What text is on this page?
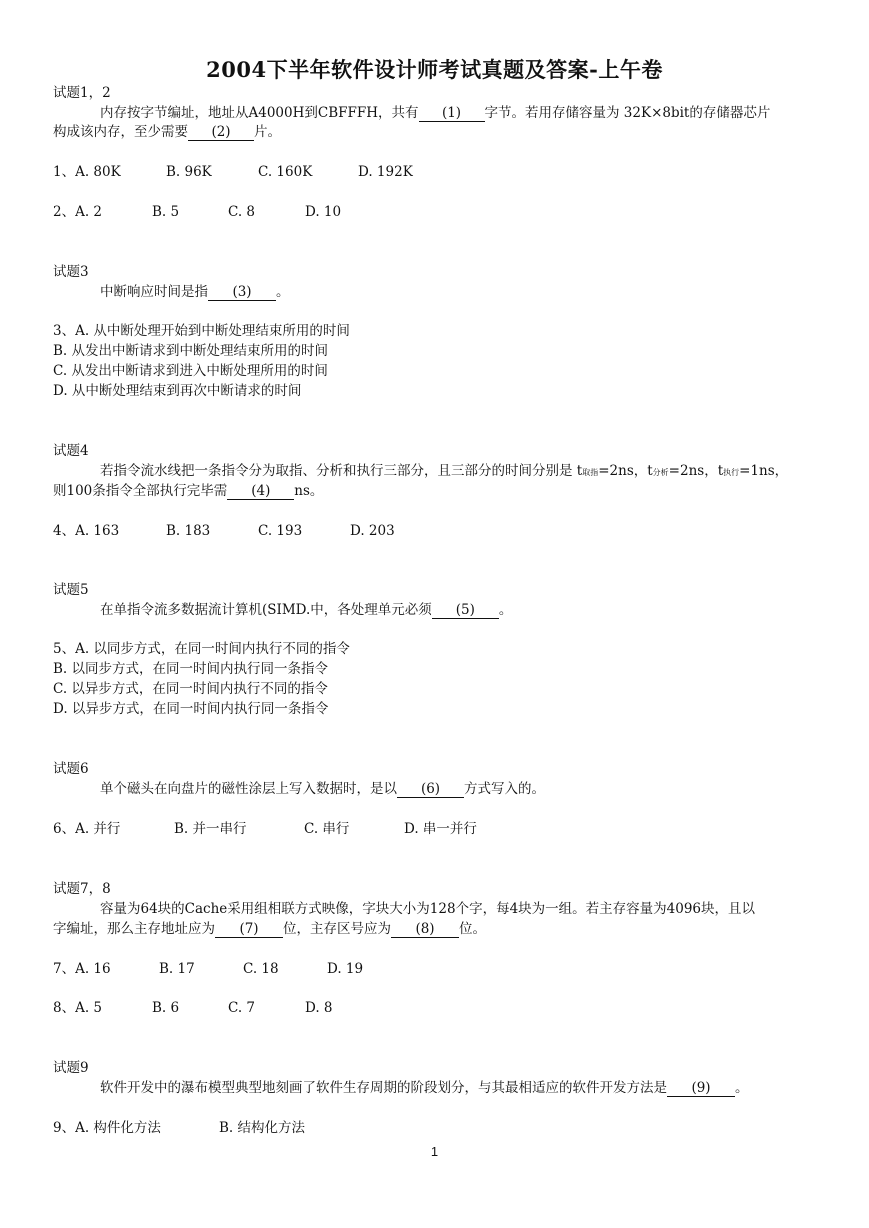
2004下半年软件设计师考试真题及答案-上午卷
试题1，2
内存按字节编址，地址从A4000H到CBFFFH，共有 (1) 字节。若用存储容量为 32K×8bit的存储器芯片
构成该内存，至少需要 (2) 片。
1、A. 80K	B. 96K	C. 160K	D. 192K
2、A. 2	B. 5	C. 8	D. 10
试题3
中断响应时间是指 (3) 。
3、A. 从中断处理开始到中断处理结束所用的时间
B. 从发出中断请求到中断处理结束所用的时间
C. 从发出中断请求到进入中断处理所用的时间
D. 从中断处理结束到再次中断请求的时间
试题4
若指令流水线把一条指令分为取指、分析和执行三部分，且三部分的时间分别是 t取指=2ns，t分析=2ns，t执行=1ns，
则100条指令全部执行完毕需 (4) ns。
4、A. 163	B. 183	C. 193	D. 203
试题5
在单指令流多数据流计算机(SIMD.中，各处理单元必须 (5) 。
5、A. 以同步方式，在同一时间内执行不同的指令
B. 以同步方式，在同一时间内执行同一条指令
C. 以异步方式，在同一时间内执行不同的指令
D. 以异步方式，在同一时间内执行同一条指令
试题6
单个磁头在向盘片的磁性涂层上写入数据时，是以 (6) 方式写入的。
6、A. 并行	B. 并一串行	C. 串行	D. 串一并行
试题7，8
容量为64块的Cache采用组相联方式映像，字块大小为128个字，每4块为一组。若主存容量为4096块，且以
字编址，那么主存地址应为 (7) 位，主存区号应为 (8) 位。
7、A. 16	B. 17	C. 18	D. 19
8、A. 5	B. 6	C. 7	D. 8
试题9
软件开发中的瀑布模型典型地刻画了软件生存周期的阶段划分，与其最相适应的软件开发方法是 (9) 。
9、A. 构件化方法	B. 结构化方法
1
